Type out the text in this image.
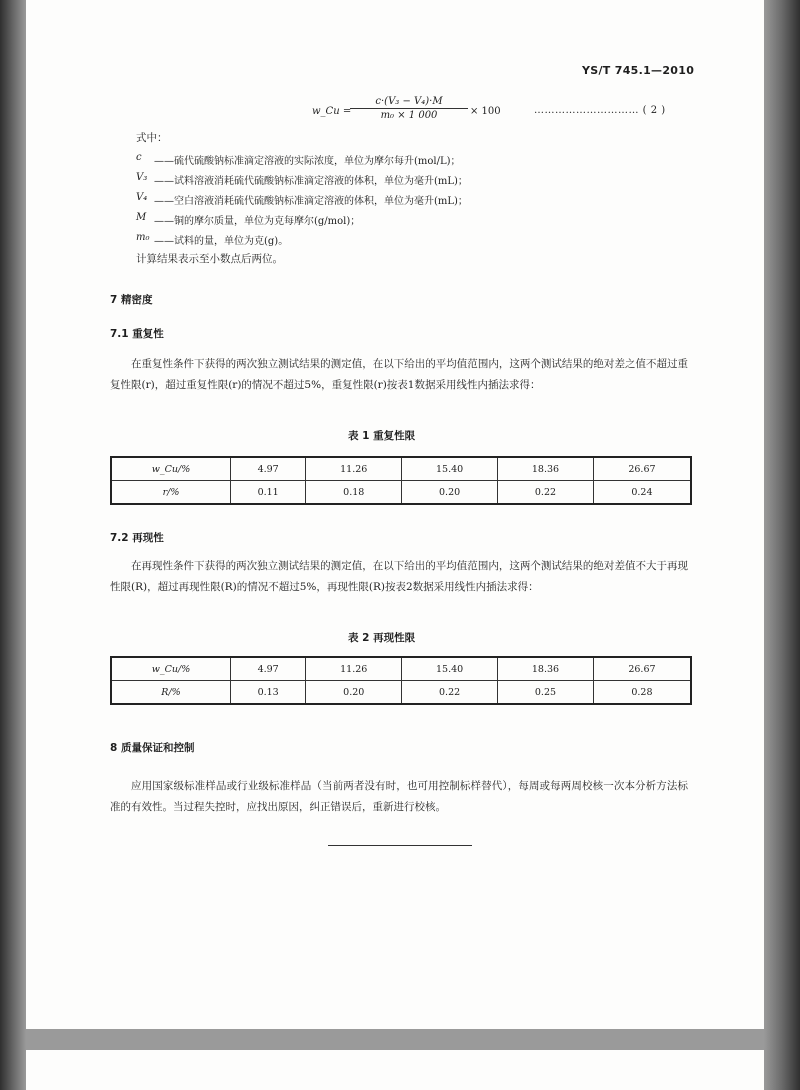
YS/T 745.1—2010
w_Cu =
$\frac{\text{c·(V₃ − V₄)·M}}{\text{m₀ × 1 000}} \times 100$	………………………… ( 2 )
式中：
c ——硫代硫酸钠标准滴定溶液的实际浓度，单位为摩尔每升(mol/L)；
V₃ ——试料溶液消耗硫代硫酸钠标准滴定溶液的体积，单位为毫升(mL)；
V₄ ——空白溶液消耗硫代硫酸钠标准滴定溶液的体积，单位为毫升(mL)；
M ——铜的摩尔质量，单位为克每摩尔(g/mol)；
m₀ ——试料的量，单位为克(g)。
计算结果表示至小数点后两位。
7 精密度
7.1 重复性
在重复性条件下获得的两次独立测试结果的测定值，在以下给出的平均值范围内，这两个测试结果的绝对差之值不超过重复性限(r)，超过重复性限(r)的情况不超过5%，重复性限(r)按表1数据采用线性内插法求得：
表 1 重复性限
w_Cu/%	4.97	11.26	15.40	18.36	26.67
r/%	0.11	0.18	0.20	0.22	0.24
7.2 再现性
在再现性条件下获得的两次独立测试结果的测定值，在以下给出的平均值范围内，这两个测试结果的绝对差值不大于再现性限(R)，超过再现性限(R)的情况不超过5%，再现性限(R)按表2数据采用线性内插法求得：
表 2 再现性限
w_Cu/%	4.97	11.26	15.40	18.36	26.67
R/%	0.13	0.20	0.22	0.25	0.28
8 质量保证和控制
应用国家级标准样品或行业级标准样品（当前两者没有时，也可用控制标样替代），每周或每两周校核一次本分析方法标准的有效性。当过程失控时，应找出原因，纠正错误后，重新进行校核。
